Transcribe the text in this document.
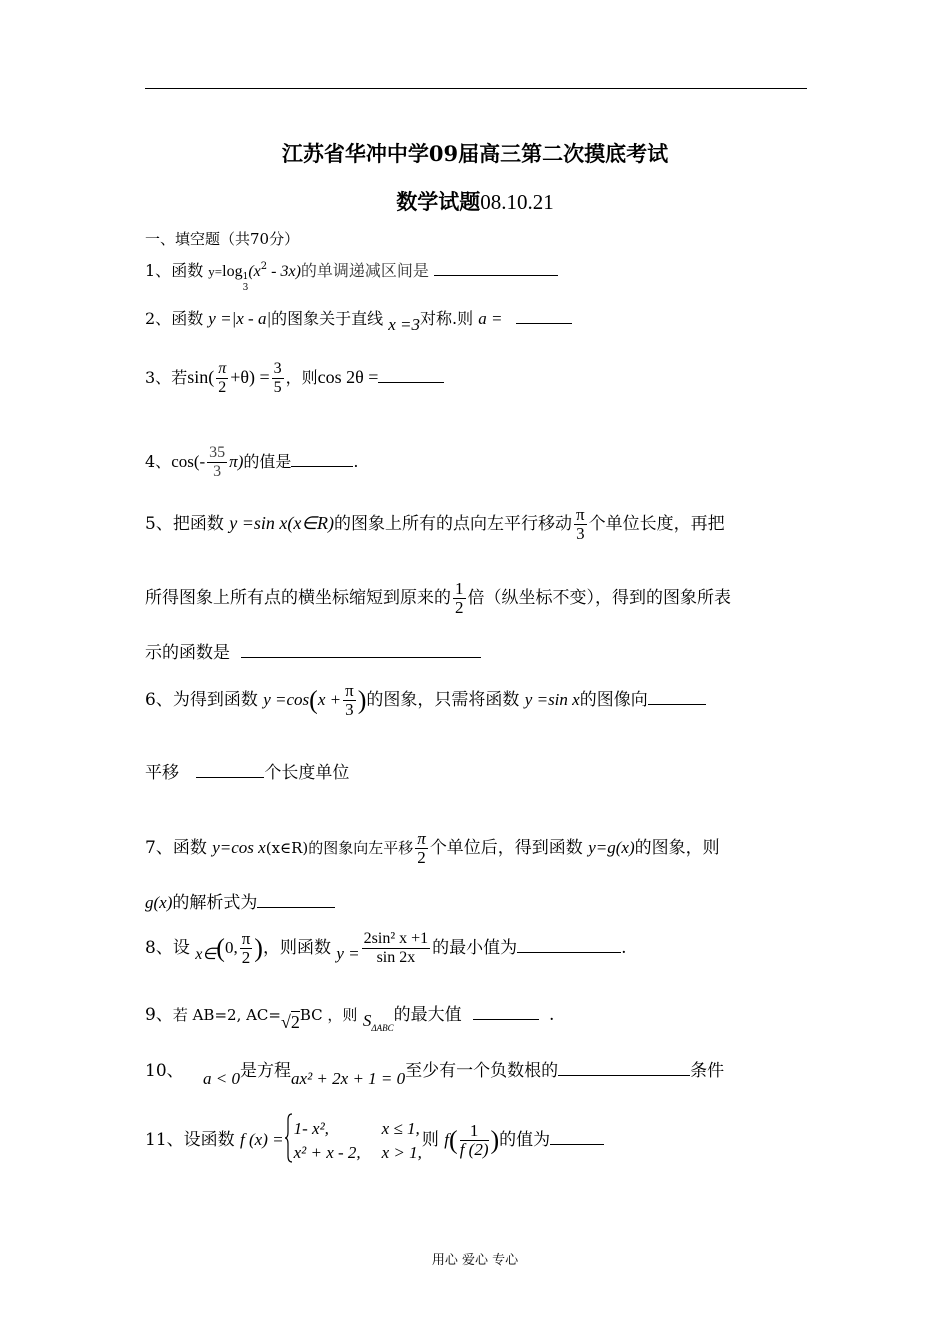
江苏省华冲中学09届高三第二次摸底考试
数学试题08.10.21
一、填空题（共70分）
1、函数 y=log 1
3
$(x^2 - 3x)$的单调递减区间是
2、函数 y =|x - a|的图象关于直线 x =3对称.则 a =
3、若$\sin( \frac{\pi}{2} +\theta) = \frac{3}{5}$ ，则cos 2θ =
4、$\cos(- \frac{35}{3} \pi)$的值是	.
5、把函数 y =sin x(x∈R)的图象上所有的点向左平行移动 $\frac{\pi}{3}$ 个单位长度，再把
所得图象上所有点的横坐标缩短到原来的 $\frac{1}{2}$ 倍（纵坐标不变），得到的图象所表
示的函数是
6、为得到函数 $y =\cos(x + \frac{\pi}{3}$ )的图象，只需将函数 y =sin x的图像向
平移	个长度单位
7、函数 y=cos x(x∈R)的图象向左平移 $\frac{\pi}{2}$ 个单位后，得到函数 y=g(x)的图象，则
g(x)的解析式为
8、设 x∈(0, $\frac{\pi}{2}$ )，则函数 $y = \frac{\text{2sin² x +1}}{\sin 2x}$ 的最小值为	.
9、若 AB=2, AC=√2BC ，则 $S_{\Delta ABC}$的最大值	.
10、 a < 0是方程ax² + 2x + 1 = 0至少有一个负数根的	条件
11、设函数 f (x) =
1- x²,	x ≤ 1,
x² + x - 2, x > 1,
则 $f( \frac{1}{f (2)}$ )的值为
用心 爱心 专心
